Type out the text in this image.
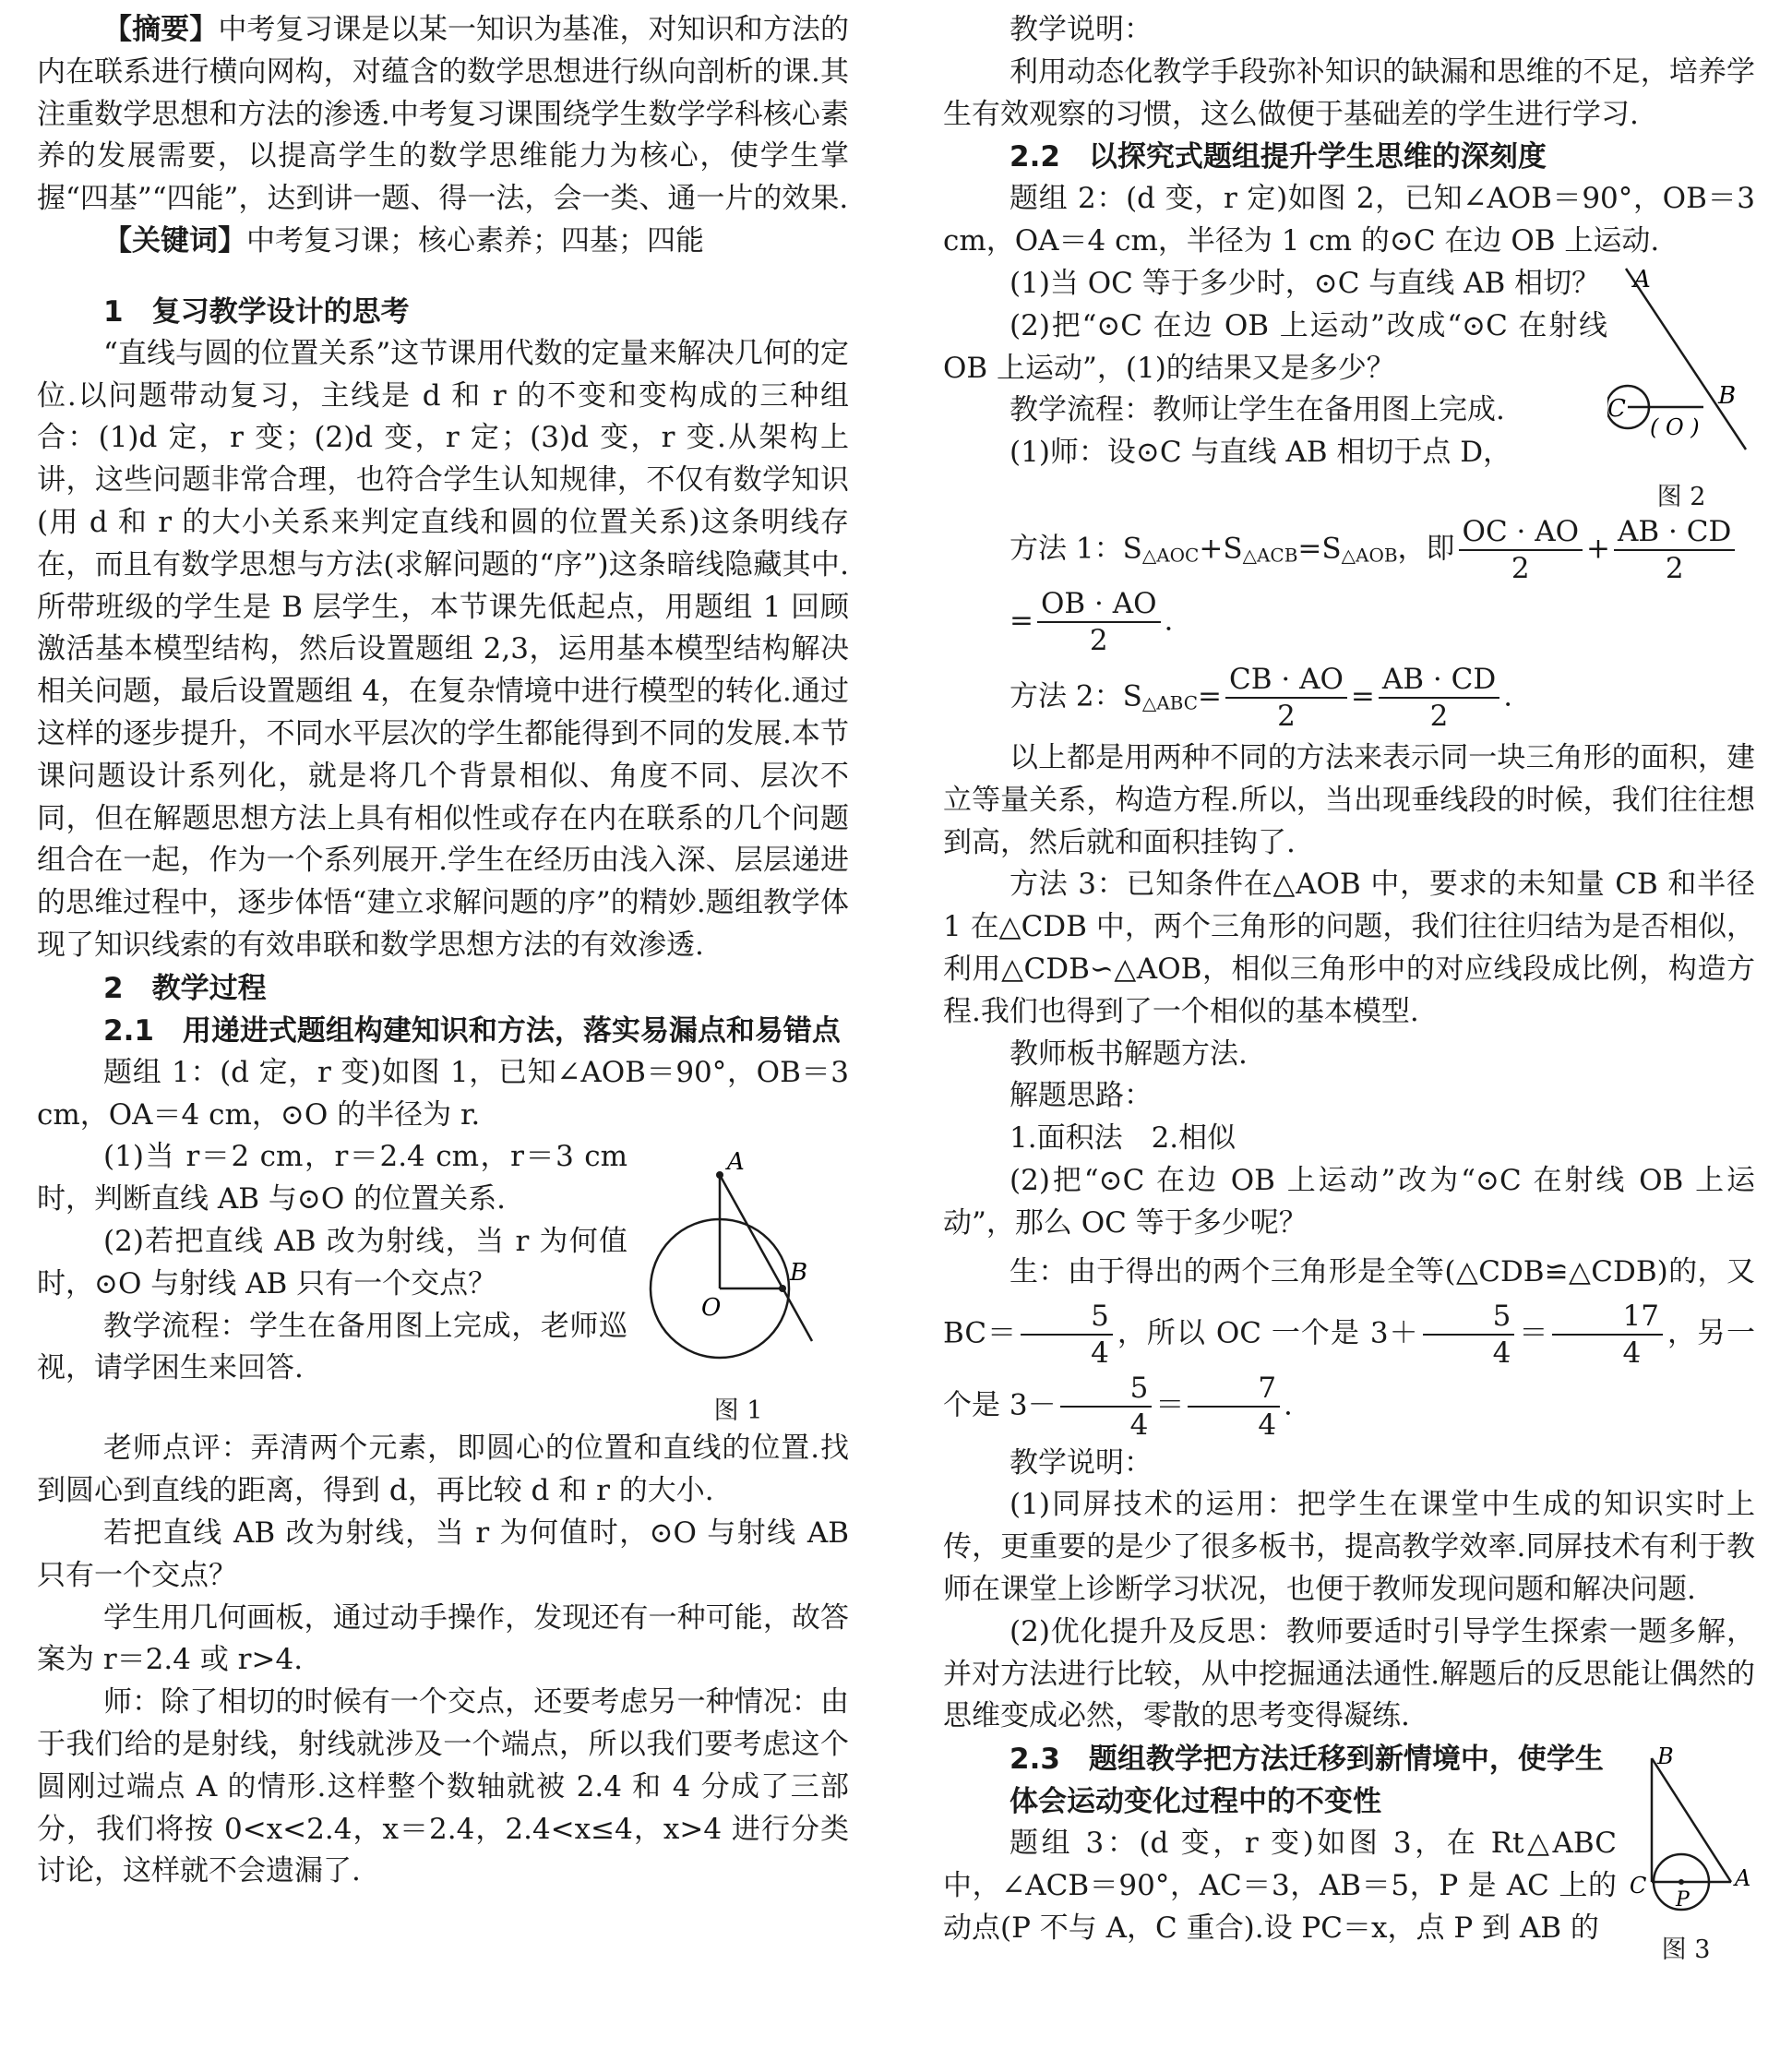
【摘要】中考复习课是以某一知识为基准，对知识和方法的内在联系进行横向网构，对蕴含的数学思想进行纵向剖析的课.其注重数学思想和方法的渗透.中考复习课围绕学生数学学科核心素养的发展需要，以提高学生的数学思维能力为核心，使学生掌握“四基”“四能”，达到讲一题、得一法，会一类、通一片的效果.

【关键词】中考复习课；核心素养；四基；四能

1　复习教学设计的思考

“直线与圆的位置关系”这节课用代数的定量来解决几何的定位.以问题带动复习，主线是 d 和 r 的不变和变构成的三种组合：(1)d 定，r 变；(2)d 变，r 定；(3)d 变，r 变.从架构上讲，这些问题非常合理，也符合学生认知规律，不仅有数学知识(用 d 和 r 的大小关系来判定直线和圆的位置关系)这条明线存在，而且有数学思想与方法(求解问题的“序”)这条暗线隐藏其中.所带班级的学生是 B 层学生，本节课先低起点，用题组 1 回顾激活基本模型结构，然后设置题组 2,3，运用基本模型结构解决相关问题，最后设置题组 4，在复杂情境中进行模型的转化.通过这样的逐步提升，不同水平层次的学生都能得到不同的发展.本节课问题设计系列化，就是将几个背景相似、角度不同、层次不同，但在解题思想方法上具有相似性或存在内在联系的几个问题组合在一起，作为一个系列展开.学生在经历由浅入深、层层递进的思维过程中，逐步体悟“建立求解问题的序”的精妙.题组教学体现了知识线索的有效串联和数学思想方法的有效渗透.

2　教学过程
2.1　用递进式题组构建知识和方法，落实易漏点和易错点

题组 1：(d 定，r 变)如图 1，已知∠AOB＝90°，OB＝3 cm，OA＝4 cm，⊙O 的半径为 r.

A
B
O
图 1

(1)当 r＝2 cm，r＝2.4 cm，r＝3 cm 时，判断直线 AB 与⊙O 的位置关系.

(2)若把直线 AB 改为射线，当 r 为何值时，⊙O 与射线 AB 只有一个交点？

教学流程：学生在备用图上完成，老师巡视，请学困生来回答.

老师点评：弄清两个元素，即圆心的位置和直线的位置.找到圆心到直线的距离，得到 d，再比较 d 和 r 的大小.

若把直线 AB 改为射线，当 r 为何值时，⊙O 与射线 AB 只有一个交点？

学生用几何画板，通过动手操作，发现还有一种可能，故答案为 r＝2.4 或 r>4.

师：除了相切的时候有一个交点，还要考虑另一种情况：由于我们给的是射线，射线就涉及一个端点，所以我们要考虑这个圆刚过端点 A 的情形.这样整个数轴就被 2.4 和 4 分成了三部分，我们将按 0<x<2.4，x＝2.4，2.4<x≤4，x>4 进行分类讨论，这样就不会遗漏了.

教学说明：

利用动态化教学手段弥补知识的缺漏和思维的不足，培养学生有效观察的习惯，这么做便于基础差的学生进行学习.

2.2　以探究式题组提升学生思维的深刻度

题组 2：(d 变，r 定)如图 2，已知∠AOB＝90°，OB＝3 cm，OA＝4 cm，半径为 1 cm 的⊙C 在边 OB 上运动.

A
B
C
( O )
图 2

(1)当 OC 等于多少时，⊙C 与直线 AB 相切？

(2)把“⊙C 在边 OB 上运动”改成“⊙C 在射线 OB 上运动”，(1)的结果又是多少？

教学流程：教师让学生在备用图上完成.

(1)师：设⊙C 与直线 AB 相切于点 D，

方法 1：$S_{\triangle AOC}+S_{\triangle ACB}=S_{\triangle AOB}$，即 $\frac{OC \cdot AO}{2} + \frac{AB \cdot CD}{2}$
= $\frac{OB \cdot AO}{2}$ .
方法 2：$S_{\triangle ABC}= \frac{CB \cdot AO}{2} = \frac{AB \cdot CD}{2}$ .

以上都是用两种不同的方法来表示同一块三角形的面积，建立等量关系，构造方程.所以，当出现垂线段的时候，我们往往想到高，然后就和面积挂钩了.

方法 3：已知条件在△AOB 中，要求的未知量 CB 和半径 1 在△CDB 中，两个三角形的问题，我们往往归结为是否相似，利用△CDB∽△AOB，相似三角形中的对应线段成比例，构造方程.我们也得到了一个相似的基本模型.

教师板书解题方法.

解题思路：

1.面积法　2.相似

(2)把“⊙C 在边 OB 上运动”改为“⊙C 在射线 OB 上运动”，那么 OC 等于多少呢？

生：由于得出的两个三角形是全等(△CDB≌△CDB)的，又 $BC= \frac{5}{4}$ ，所以 OC 一个是 $3+ \frac{5}{4} = \frac{17}{4}$ ，另一个是 $3- \frac{5}{4} = \frac{7}{4}$ .

教学说明：

(1)同屏技术的运用：把学生在课堂中生成的知识实时上传，更重要的是少了很多板书，提高教学效率.同屏技术有利于教师在课堂上诊断学习状况，也便于教师发现问题和解决问题.

(2)优化提升及反思：教师要适时引导学生探索一题多解，并对方法进行比较，从中挖掘通法通性.解题后的反思能让偶然的思维变成必然，零散的思考变得凝练.

B
C	A
P
图 3
2.3　题组教学把方法迁移到新情境中，使学生体会运动变化过程中的不变性

题组 3：(d 变，r 变)如图 3，在 Rt△ABC 中，∠ACB＝90°，AC＝3，AB＝5，P 是 AC 上的动点(P 不与 A，C 重合).设 PC＝x，点 P 到 AB 的
